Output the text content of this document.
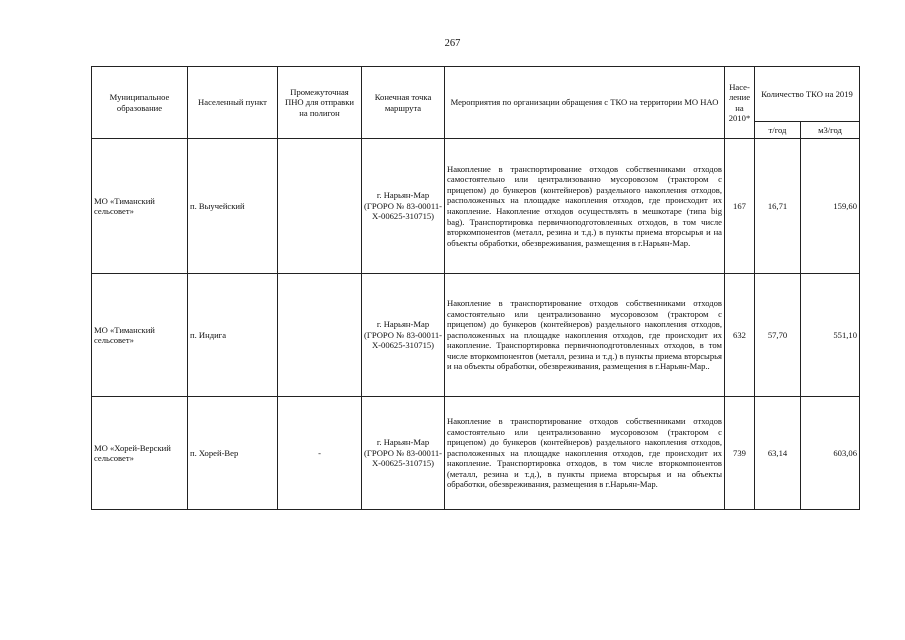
267
Муниципальное образование	Населенный пункт	Промежуточная ПНО для отправки на полигон	Конечная точка маршрута	Мероприятия по организации обращения с ТКО на территории МО НАО	Насе-ление на 2010*	Количество ТКО на 2019	
						т/год	м3/год
МО «Тиманский сельсовет»	п. Выучейский		г. Нарьян-Мар (ГРОРО № 83-00011-Х-00625-310715)	Накопление в транспортирование отходов собственниками отходов самостоятельно или централизованно мусоровозом (трактором с прицепом) до бункеров (контейнеров) раздельного накопления отходов, расположенных на площадке накопления отходов, где происходит их накопление. Накопление отходов осуществлять в мешкотаре (типа big bag). Транспортировка первичноподготовленных отходов, в том числе вторкомпонентов (металл, резина и т.д.) в пункты приема вторсырья и на объекты обработки, обезвреживания, размещения в г.Нарьян-Мар.	167	16,71	159,60
МО «Тиманский сельсовет»	п. Индига		г. Нарьян-Мар (ГРОРО № 83-00011-Х-00625-310715)	Накопление в транспортирование отходов собственниками отходов самостоятельно или централизованно мусоровозом (трактором с прицепом) до бункеров (контейнеров) раздельного накопления отходов, расположенных на площадке накопления отходов, где происходит их накопление. Транспортировка первичноподготовленных отходов, в том числе вторкомпонентов (металл, резина и т.д.) в пункты приема вторсырья и на объекты обработки, обезвреживания, размещения в г.Нарьян-Мар..	632	57,70	551,10
МО «Хорей-Верский сельсовет»	п. Хорей-Вер	-	г. Нарьян-Мар (ГРОРО № 83-00011-Х-00625-310715)	Накопление в транспортирование отходов собственниками отходов самостоятельно или централизованно мусоровозом (трактором с прицепом) до бункеров (контейнеров) раздельного накопления отходов, расположенных на площадке накопления отходов, где происходит их накопление. Транспортировка отходов, в том числе вторкомпонентов (металл, резина и т.д.), в пункты приема вторсырья и на объекты обработки, обезвреживания, размещения в г.Нарьян-Мар.	739	63,14	603,06
